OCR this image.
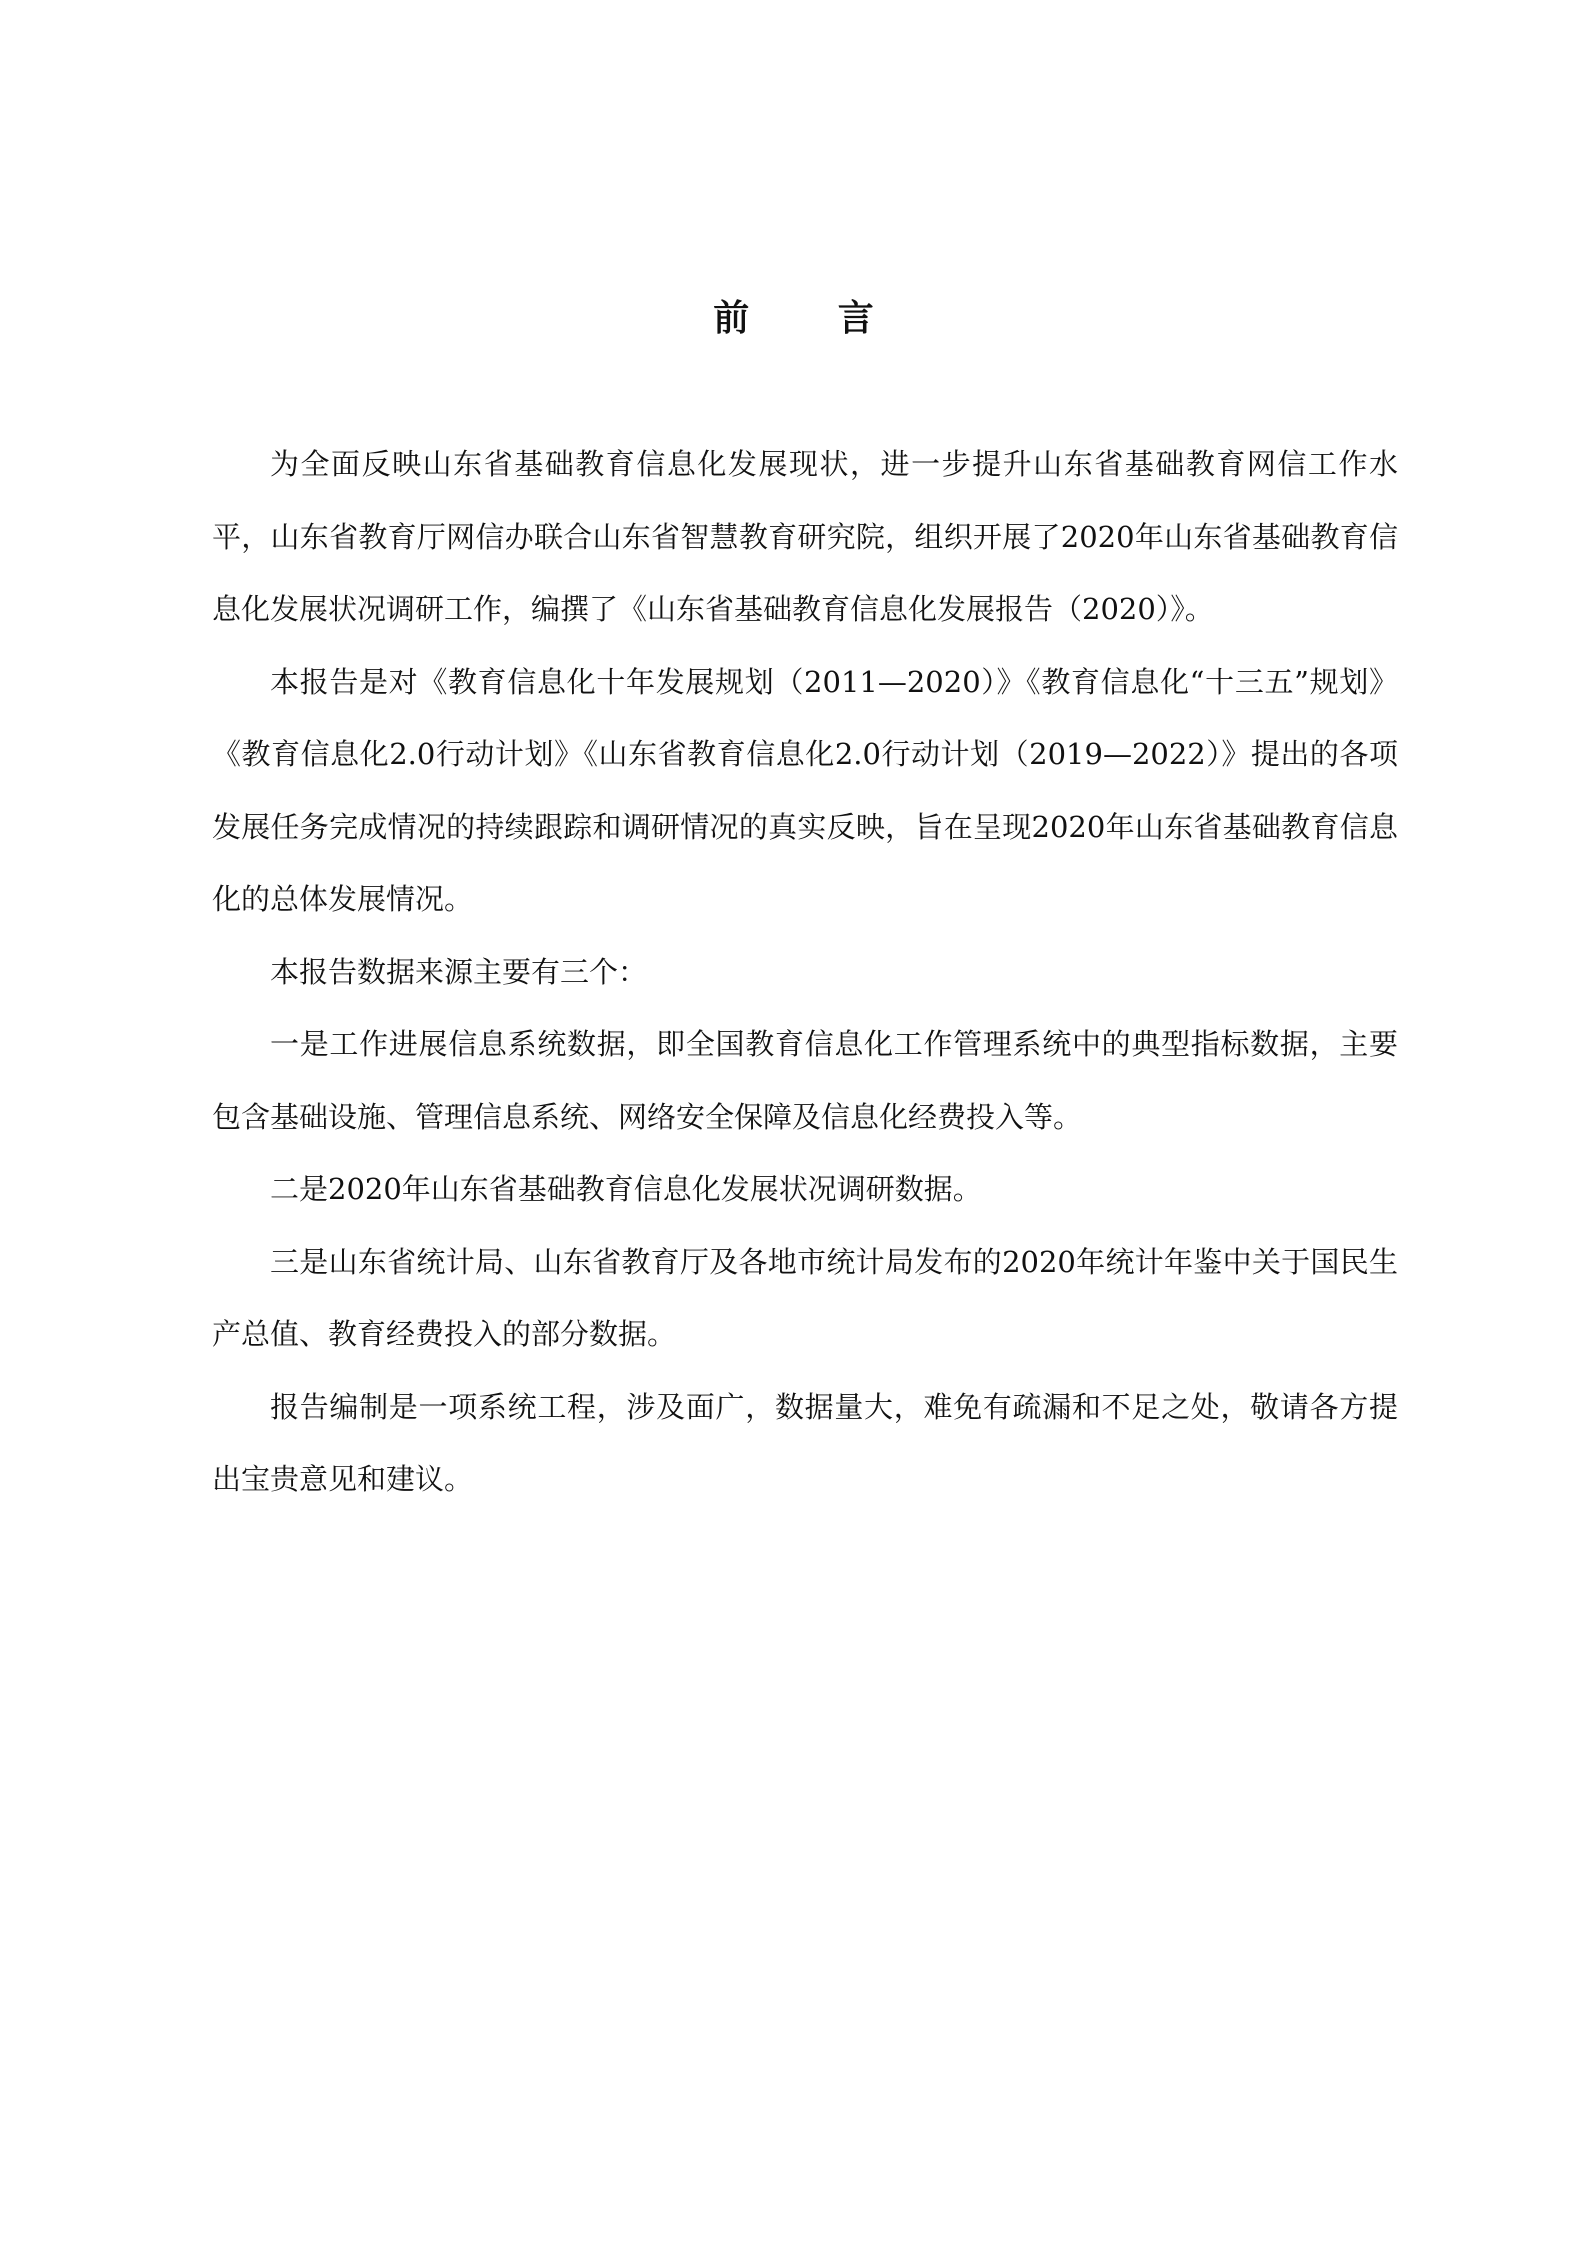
前 言

为全面反映山东省基础教育信息化发展现状，进一步提升山东省基础教育网信工作水平，山东省教育厅网信办联合山东省智慧教育研究院，组织开展了2020年山东省基础教育信息化发展状况调研工作，编撰了《山东省基础教育信息化发展报告（2020）》。

本报告是对《教育信息化十年发展规划（2011—2020）》《教育信息化“十三五”规划》《教育信息化2.0行动计划》《山东省教育信息化2.0行动计划（2019—2022）》提出的各项发展任务完成情况的持续跟踪和调研情况的真实反映，旨在呈现2020年山东省基础教育信息化的总体发展情况。

本报告数据来源主要有三个：

一是工作进展信息系统数据，即全国教育信息化工作管理系统中的典型指标数据，主要包含基础设施、管理信息系统、网络安全保障及信息化经费投入等。

二是2020年山东省基础教育信息化发展状况调研数据。

三是山东省统计局、山东省教育厅及各地市统计局发布的2020年统计年鉴中关于国民生产总值、教育经费投入的部分数据。

报告编制是一项系统工程，涉及面广，数据量大，难免有疏漏和不足之处，敬请各方提出宝贵意见和建议。
